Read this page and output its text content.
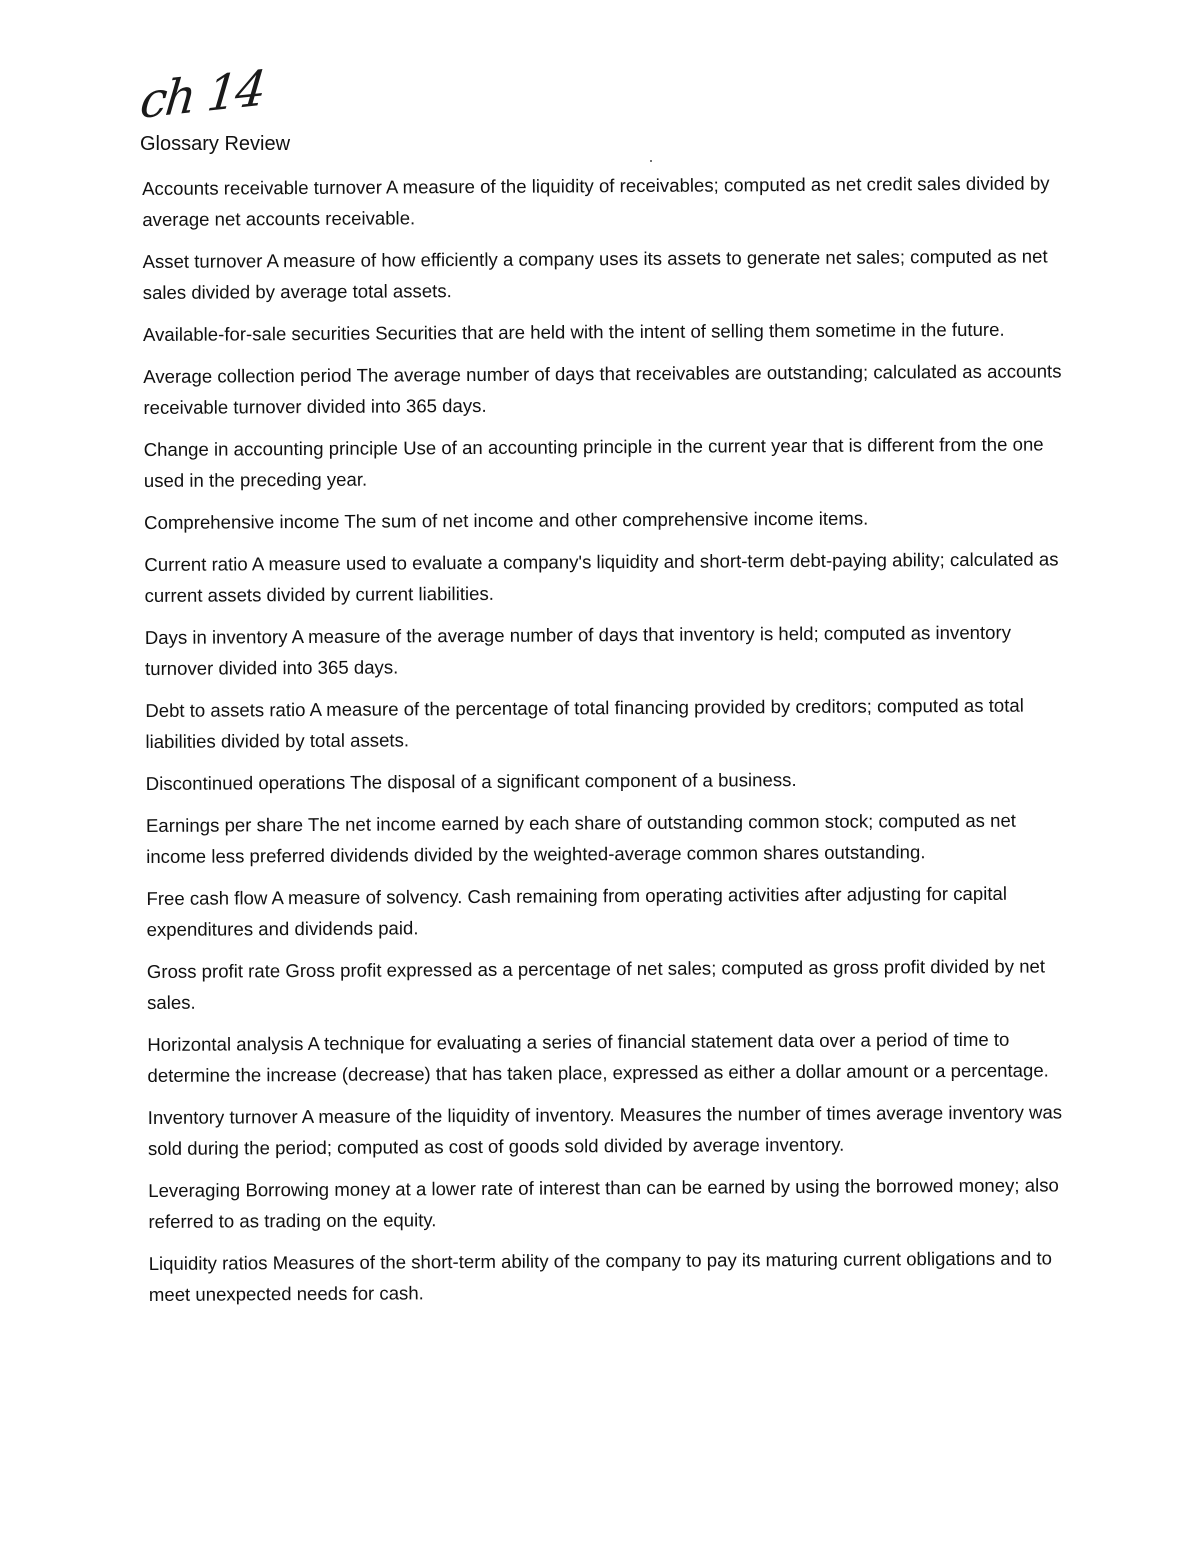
ch 14
Glossary Review

Accounts receivable turnover A measure of the liquidity of receivables; computed as net credit sales divided by average net accounts receivable.

Asset turnover A measure of how efficiently a company uses its assets to generate net sales; computed as net sales divided by average total assets.

Available-for-sale securities Securities that are held with the intent of selling them sometime in the future.

Average collection period The average number of days that receivables are outstanding; calculated as accounts receivable turnover divided into 365 days.

Change in accounting principle Use of an accounting principle in the current year that is different from the one used in the preceding year.

Comprehensive income The sum of net income and other comprehensive income items.

Current ratio A measure used to evaluate a company's liquidity and short-term debt-paying ability; calculated as current assets divided by current liabilities.

Days in inventory A measure of the average number of days that inventory is held; computed as inventory turnover divided into 365 days.

Debt to assets ratio A measure of the percentage of total financing provided by creditors; computed as total liabilities divided by total assets.

Discontinued operations The disposal of a significant component of a business.

Earnings per share The net income earned by each share of outstanding common stock; computed as net income less preferred dividends divided by the weighted-average common shares outstanding.

Free cash flow A measure of solvency. Cash remaining from operating activities after adjusting for capital expenditures and dividends paid.

Gross profit rate Gross profit expressed as a percentage of net sales; computed as gross profit divided by net sales.

Horizontal analysis A technique for evaluating a series of financial statement data over a period of time to determine the increase (decrease) that has taken place, expressed as either a dollar amount or a percentage.

Inventory turnover A measure of the liquidity of inventory. Measures the number of times average inventory was sold during the period; computed as cost of goods sold divided by average inventory.

Leveraging Borrowing money at a lower rate of interest than can be earned by using the borrowed money; also referred to as trading on the equity.

Liquidity ratios Measures of the short-term ability of the company to pay its maturing current obligations and to meet unexpected needs for cash.
